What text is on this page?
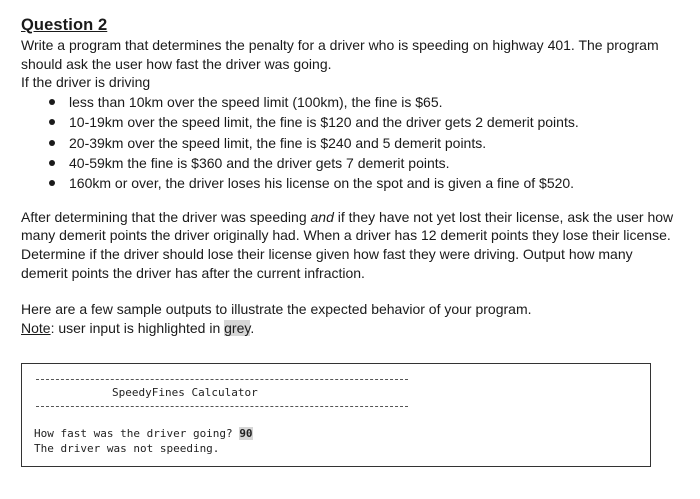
Question 2

Write a program that determines the penalty for a driver who is speeding on highway 401. The program should ask the user how fast the driver was going.

If the driver is driving

less than 10km over the speed limit (100km), the fine is $65.
10-19km over the speed limit, the fine is $120 and the driver gets 2 demerit points.
20-39km over the speed limit, the fine is $240 and 5 demerit points.
40-59km the fine is $360 and the driver gets 7 demerit points.
160km or over, the driver loses his license on the spot and is given a fine of $520.

After determining that the driver was speeding and if they have not yet lost their license, ask the user how many demerit points the driver originally had. When a driver has 12 demerit points they lose their license. Determine if the driver should lose their license given how fast they were driving. Output how many demerit points the driver has after the current infraction.

Here are a few sample outputs to illustrate the expected behavior of your program.

Note: user input is highlighted in grey.

SpeedyFines Calculator
How fast was the driver going? 90
The driver was not speeding.
